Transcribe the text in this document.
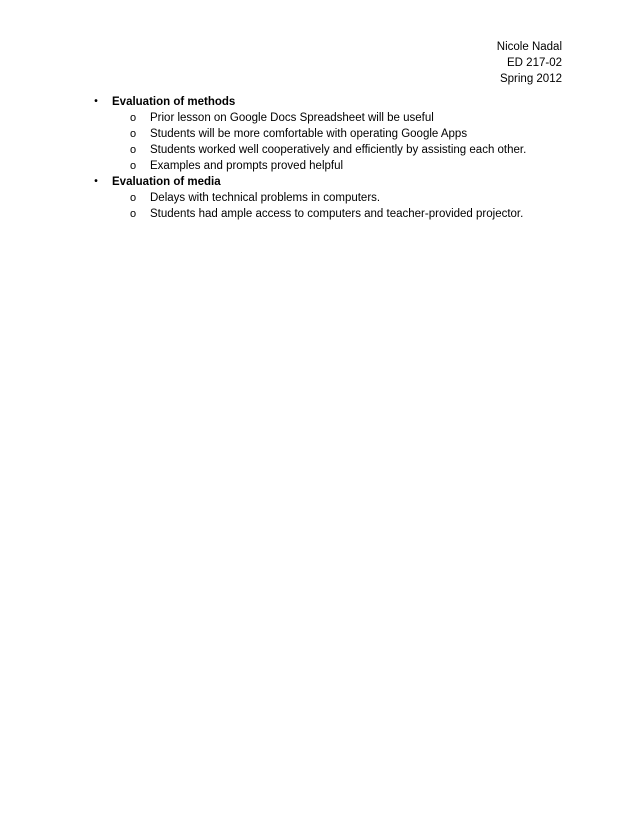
Nicole Nadal
ED 217-02
Spring 2012
•
Evaluation of methods
o
Prior lesson on Google Docs Spreadsheet will be useful
o
Students will be more comfortable with operating Google Apps
o
Students worked well cooperatively and efficiently by assisting each other.
o
Examples and prompts proved helpful
•
Evaluation of media
o
Delays with technical problems in computers.
o
Students had ample access to computers and teacher-provided projector.
